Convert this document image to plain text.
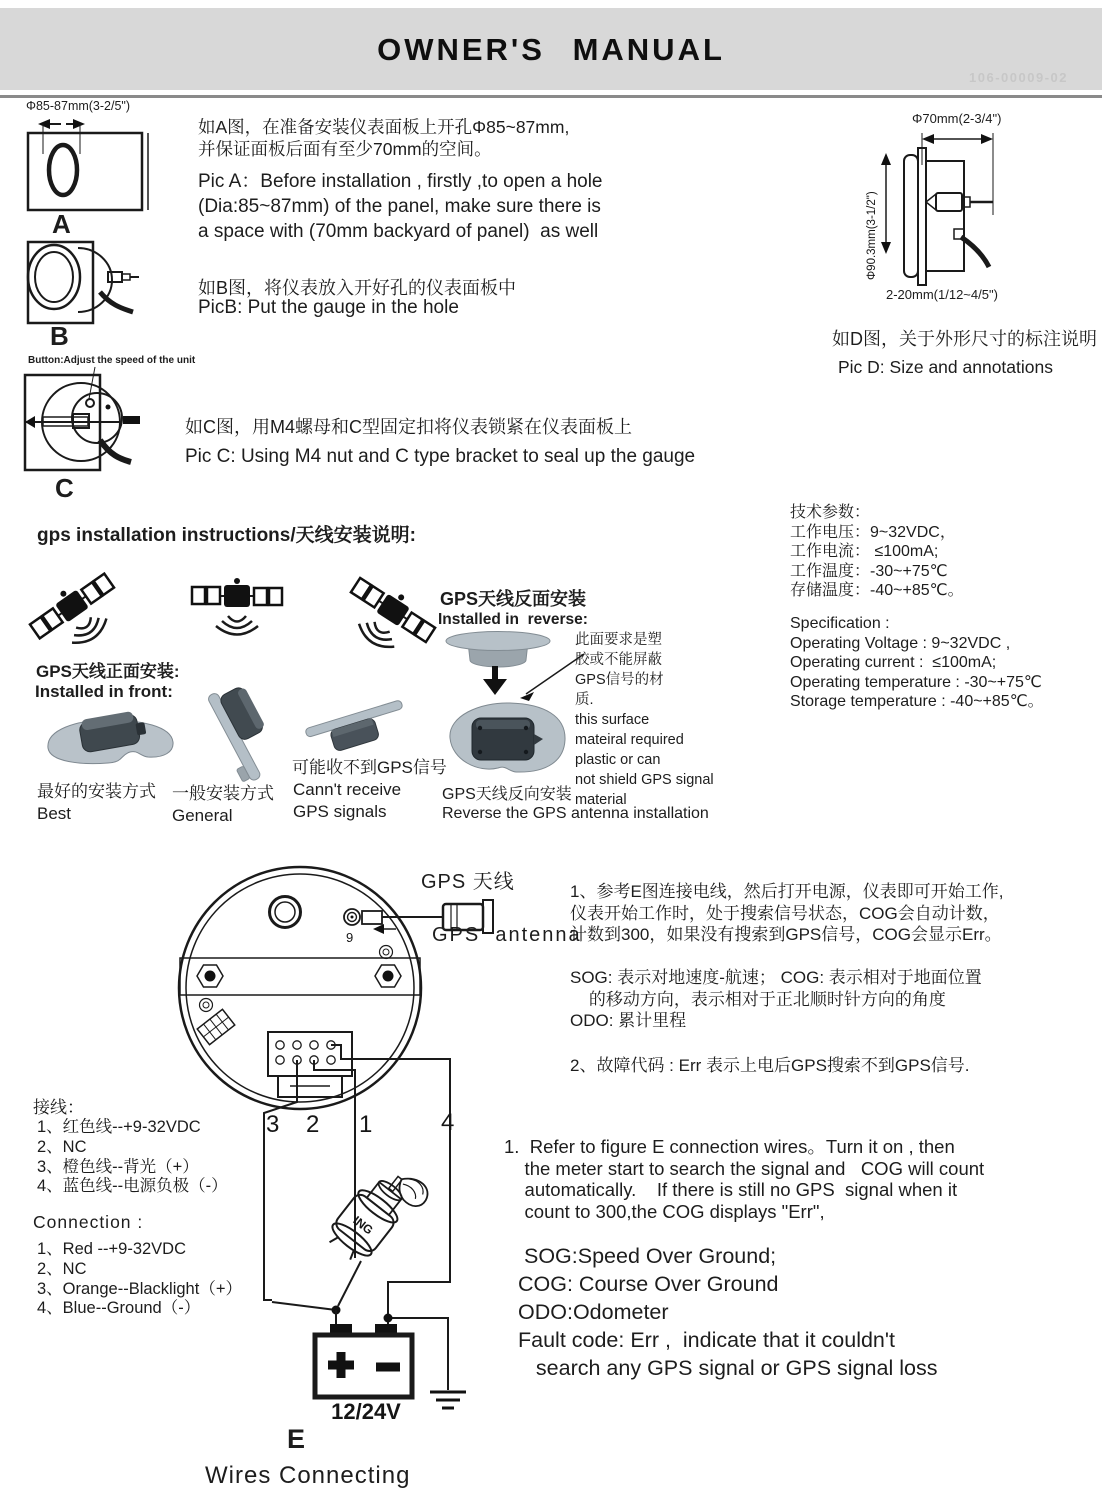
OWNER'S MANUAL
106-00009-02
Φ85-87mm(3-2/5")
A
B
Button:Adjust the speed of the unit
C
如A图，在准备安装仪表面板上开孔Φ85~87mm,
并保证面板后面有至少70mm的空间。
Pic A：Before installation , firstly ,to open a hole
(Dia:85~87mm) of the panel, make sure there is
a space with (70mm backyard of panel)  as well
如B图，将仪表放入开好孔的仪表面板中
PicB: Put the gauge in the hole
如C图，用M4螺母和C型固定扣将仪表锁紧在仪表面板上
Pic C: Using M4 nut and C type bracket to seal up the gauge
Φ70mm(2-3/4")
Φ90.3mm(3-1/2")
2-20mm(1/12~4/5")
如D图，关于外形尺寸的标注说明
Pic D: Size and annotations
gps installation instructions/天线安装说明:
GPS天线正面安装:
Installed in front:
最好的安装方式
Best
一般安装方式
General
可能收不到GPS信号
Cann't receive
GPS signals
GPS天线反面安装
Installed in  reverse:
此面要求是塑
胶或不能屏蔽
GPS信号的材
质.
this surface
mateiral required
plastic or can
not shield GPS signal
material
GPS天线反向安装
Reverse the GPS antenna installation
技术参数：
工作电压：9~32VDC，
工作电流： ≤100mA;
工作温度：-30~+75℃
存储温度：-40~+85℃。
Specification :
Operating Voltage : 9~32VDC ,
Operating current :  ≤100mA;
Operating temperature : -30~+75℃
Storage temperature : -40~+85℃。
9
3 2 1	4
ING
12/24V
GPS 天线
GPS  antenna
1、参考E图连接电线，然后打开电源，仪表即可开始工作,
仪表开始工作时，处于搜索信号状态，COG会自动计数，
计数到300，如果没有搜索到GPS信号，COG会显示Err。
SOG: 表示对地速度-航速； COG: 表示相对于地面位置
的移动方向，表示相对于正北顺时针方向的角度
ODO: 累计里程
2、故障代码 : Err 表示上电后GPS搜索不到GPS信号.
接线：
1、红色线--+9-32VDC
2、NC
3、橙色线--背光（+）
4、蓝色线--电源负极（-）
Connection :
1、Red --+9-32VDC
2、NC
3、Orange--Blacklight（+）
4、Blue--Ground（-）
1.  Refer to figure E connection wires。Turn it on , then
the meter start to search the signal and   COG will count
automatically.    If there is still no GPS  signal when it
count to 300,the COG displays "Err",
SOG:Speed Over Ground;
COG: Course Over Ground
ODO:Odometer
Fault code: Err ,  indicate that it couldn't
search any GPS signal or GPS signal loss
E
Wires Connecting
